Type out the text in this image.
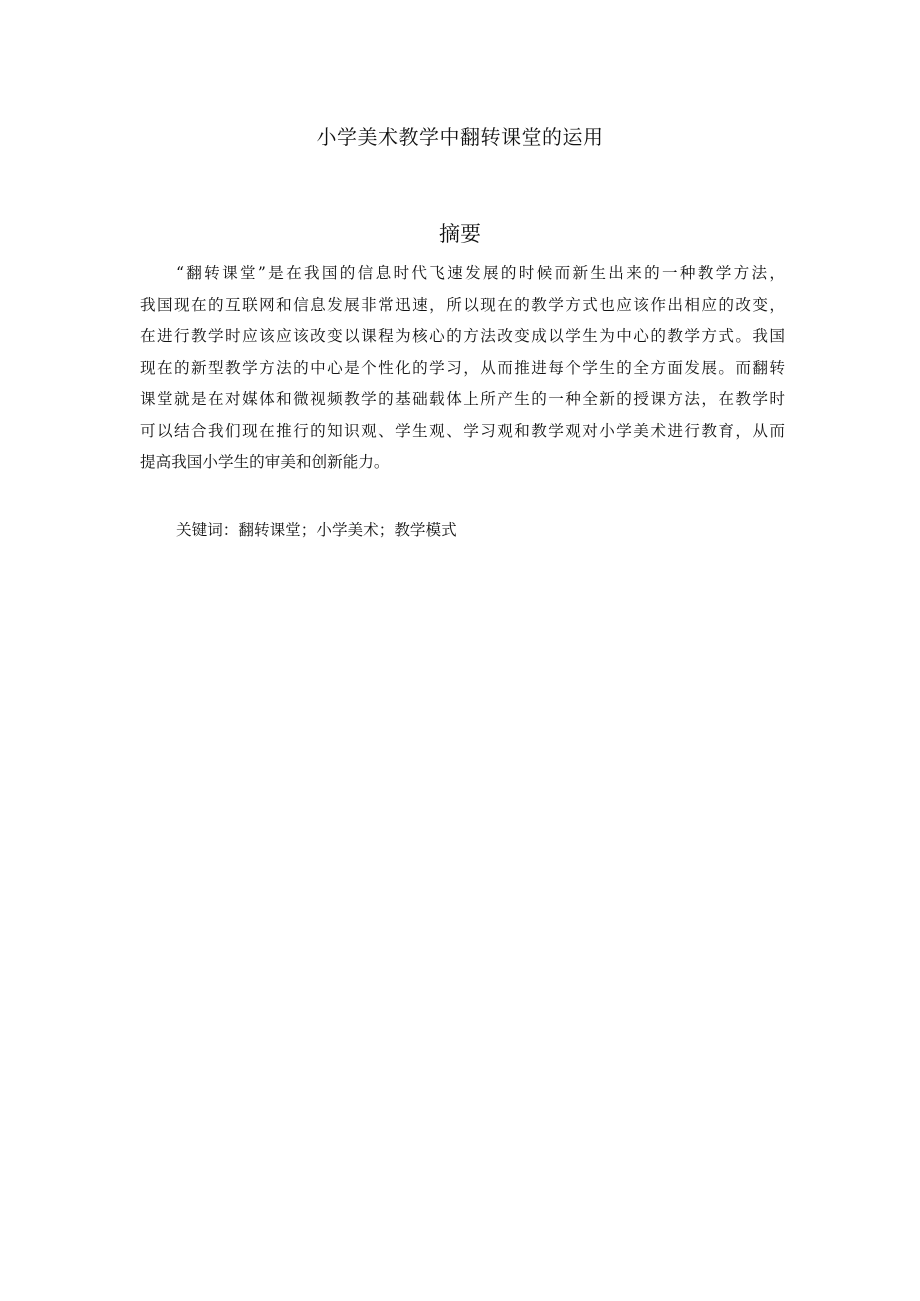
小学美术教学中翻转课堂的运用
摘要
“翻转课堂”是在我国的信息时代飞速发展的时候而新生出来的一种教学方法，
我国现在的互联网和信息发展非常迅速，所以现在的教学方式也应该作出相应的改变，
在进行教学时应该应该改变以课程为核心的方法改变成以学生为中心的教学方式。我国
现在的新型教学方法的中心是个性化的学习，从而推进每个学生的全方面发展。而翻转
课堂就是在对媒体和微视频教学的基础载体上所产生的一种全新的授课方法，在教学时
可以结合我们现在推行的知识观、学生观、学习观和教学观对小学美术进行教育，从而
提高我国小学生的审美和创新能力。
关键词：翻转课堂；小学美术；教学模式
